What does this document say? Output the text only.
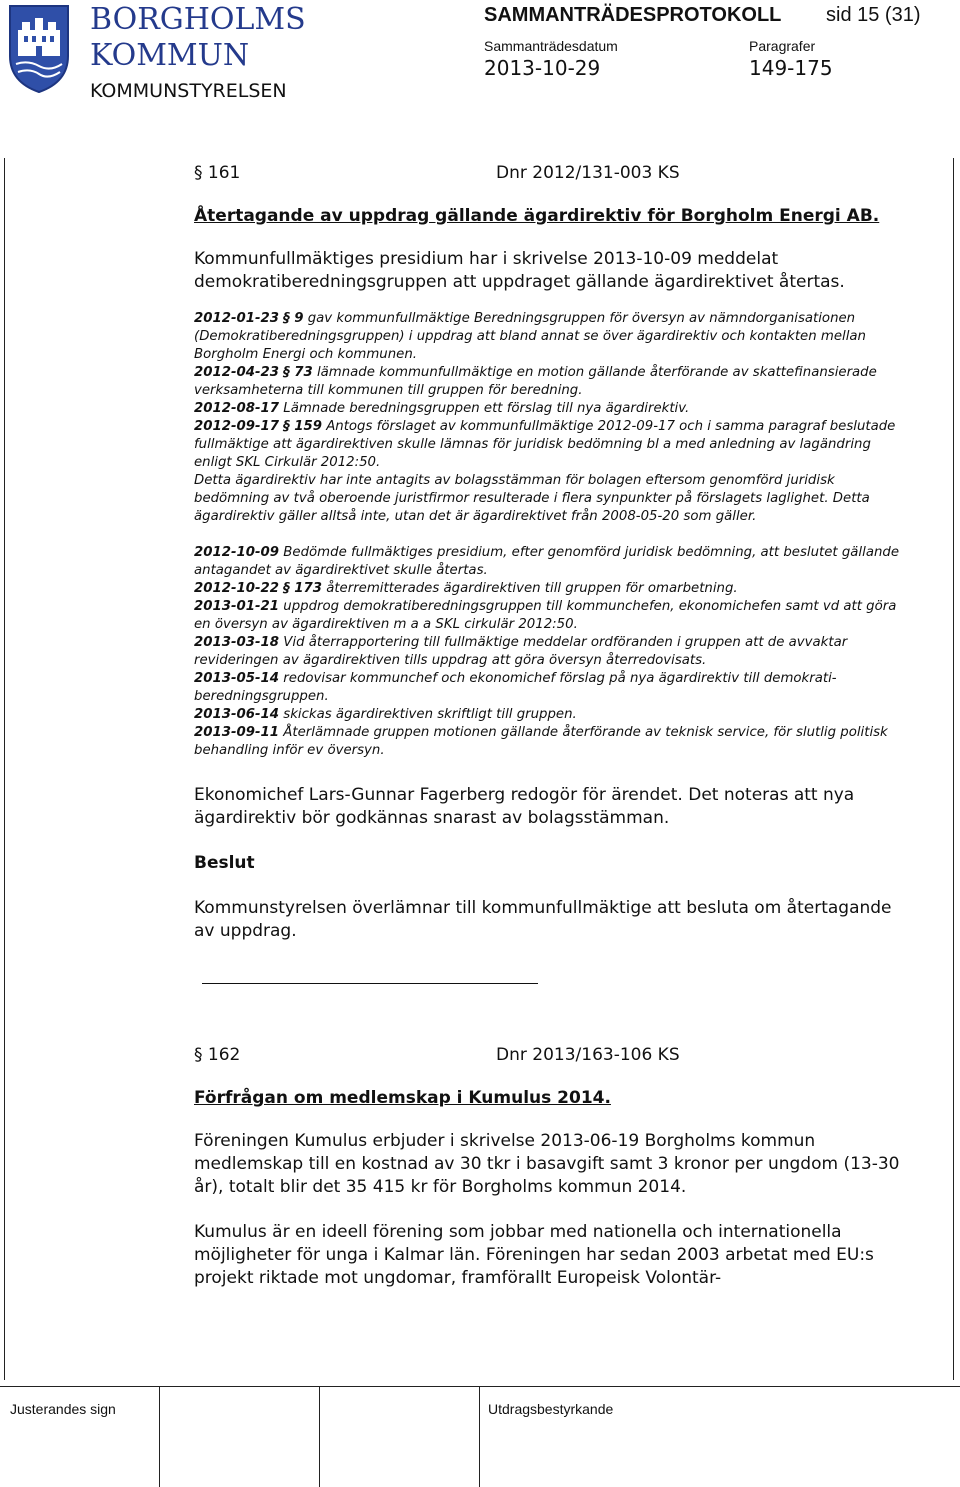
BORGHOLMS
KOMMUN
KOMMUNSTYRELSEN
SAMMANTRÄDESPROTOKOLL sid 15 (31)
Sammanträdesdatum	Paragrafer
2013-10-29	149-175
§ 161	Dnr 2012/131-003 KS
Återtagande av uppdrag gällande ägardirektiv för Borgholm Energi AB.
Kommunfullmäktiges presidium har i skrivelse 2013-10-09 meddelat demokratiberedningsgruppen att uppdraget gällande ägardirektivet återtas.
2012-01-23 § 9 gav kommunfullmäktige Beredningsgruppen för översyn av nämndorganisationen (Demokratiberedningsgruppen) i uppdrag att bland annat se över ägardirektiv och kontakten mellan Borgholm Energi och kommunen.
2012-04-23 § 73 lämnade kommunfullmäktige en motion gällande återförande av skattefinansierade verksamheterna till kommunen till gruppen för beredning.
2012-08-17 Lämnade beredningsgruppen ett förslag till nya ägardirektiv.
2012-09-17 § 159 Antogs förslaget av kommunfullmäktige 2012-09-17 och i samma paragraf beslutade fullmäktige att ägardirektiven skulle lämnas för juridisk bedömning bl a med anledning av lagändring enligt SKL Cirkulär 2012:50.
Detta ägardirektiv har inte antagits av bolagsstämman för bolagen eftersom genomförd juridisk bedömning av två oberoende juristfirmor resulterade i flera synpunkter på förslagets laglighet. Detta ägardirektiv gäller alltså inte, utan det är ägardirektivet från 2008-05-20 som gäller.
2012-10-09 Bedömde fullmäktiges presidium, efter genomförd juridisk bedömning, att beslutet gällande antagandet av ägardirektivet skulle återtas.
2012-10-22 § 173 återremitterades ägardirektiven till gruppen för omarbetning.
2013-01-21 uppdrog demokratiberedningsgruppen till kommunchefen, ekonomichefen samt vd att göra en översyn av ägardirektiven m a a SKL cirkulär 2012:50.
2013-03-18 Vid återrapportering till fullmäktige meddelar ordföranden i gruppen att de avvaktar revideringen av ägardirektiven tills uppdrag att göra översyn återredovisats.
2013-05-14 redovisar kommunchef och ekonomichef förslag på nya ägardirektiv till demokrati-beredningsgruppen.
2013-06-14 skickas ägardirektiven skriftligt till gruppen.
2013-09-11 Återlämnade gruppen motionen gällande återförande av teknisk service, för slutlig politisk behandling inför ev översyn.
Ekonomichef Lars-Gunnar Fagerberg redogör för ärendet. Det noteras att nya ägardirektiv bör godkännas snarast av bolagsstämman.
Beslut
Kommunstyrelsen överlämnar till kommunfullmäktige att besluta om återtagande av uppdrag.
§ 162	Dnr 2013/163-106 KS
Förfrågan om medlemskap i Kumulus 2014.
Föreningen Kumulus erbjuder i skrivelse 2013-06-19 Borgholms kommun medlemskap till en kostnad av 30 tkr i basavgift samt 3 kronor per ungdom (13-30 år), totalt blir det 35 415 kr för Borgholms kommun 2014.
Kumulus är en ideell förening som jobbar med nationella och internationella möjligheter för unga i Kalmar län. Föreningen har sedan 2003 arbetat med EU:s projekt riktade mot ungdomar, framförallt Europeisk Volontär-
Justerandes sign	Utdragsbestyrkande
